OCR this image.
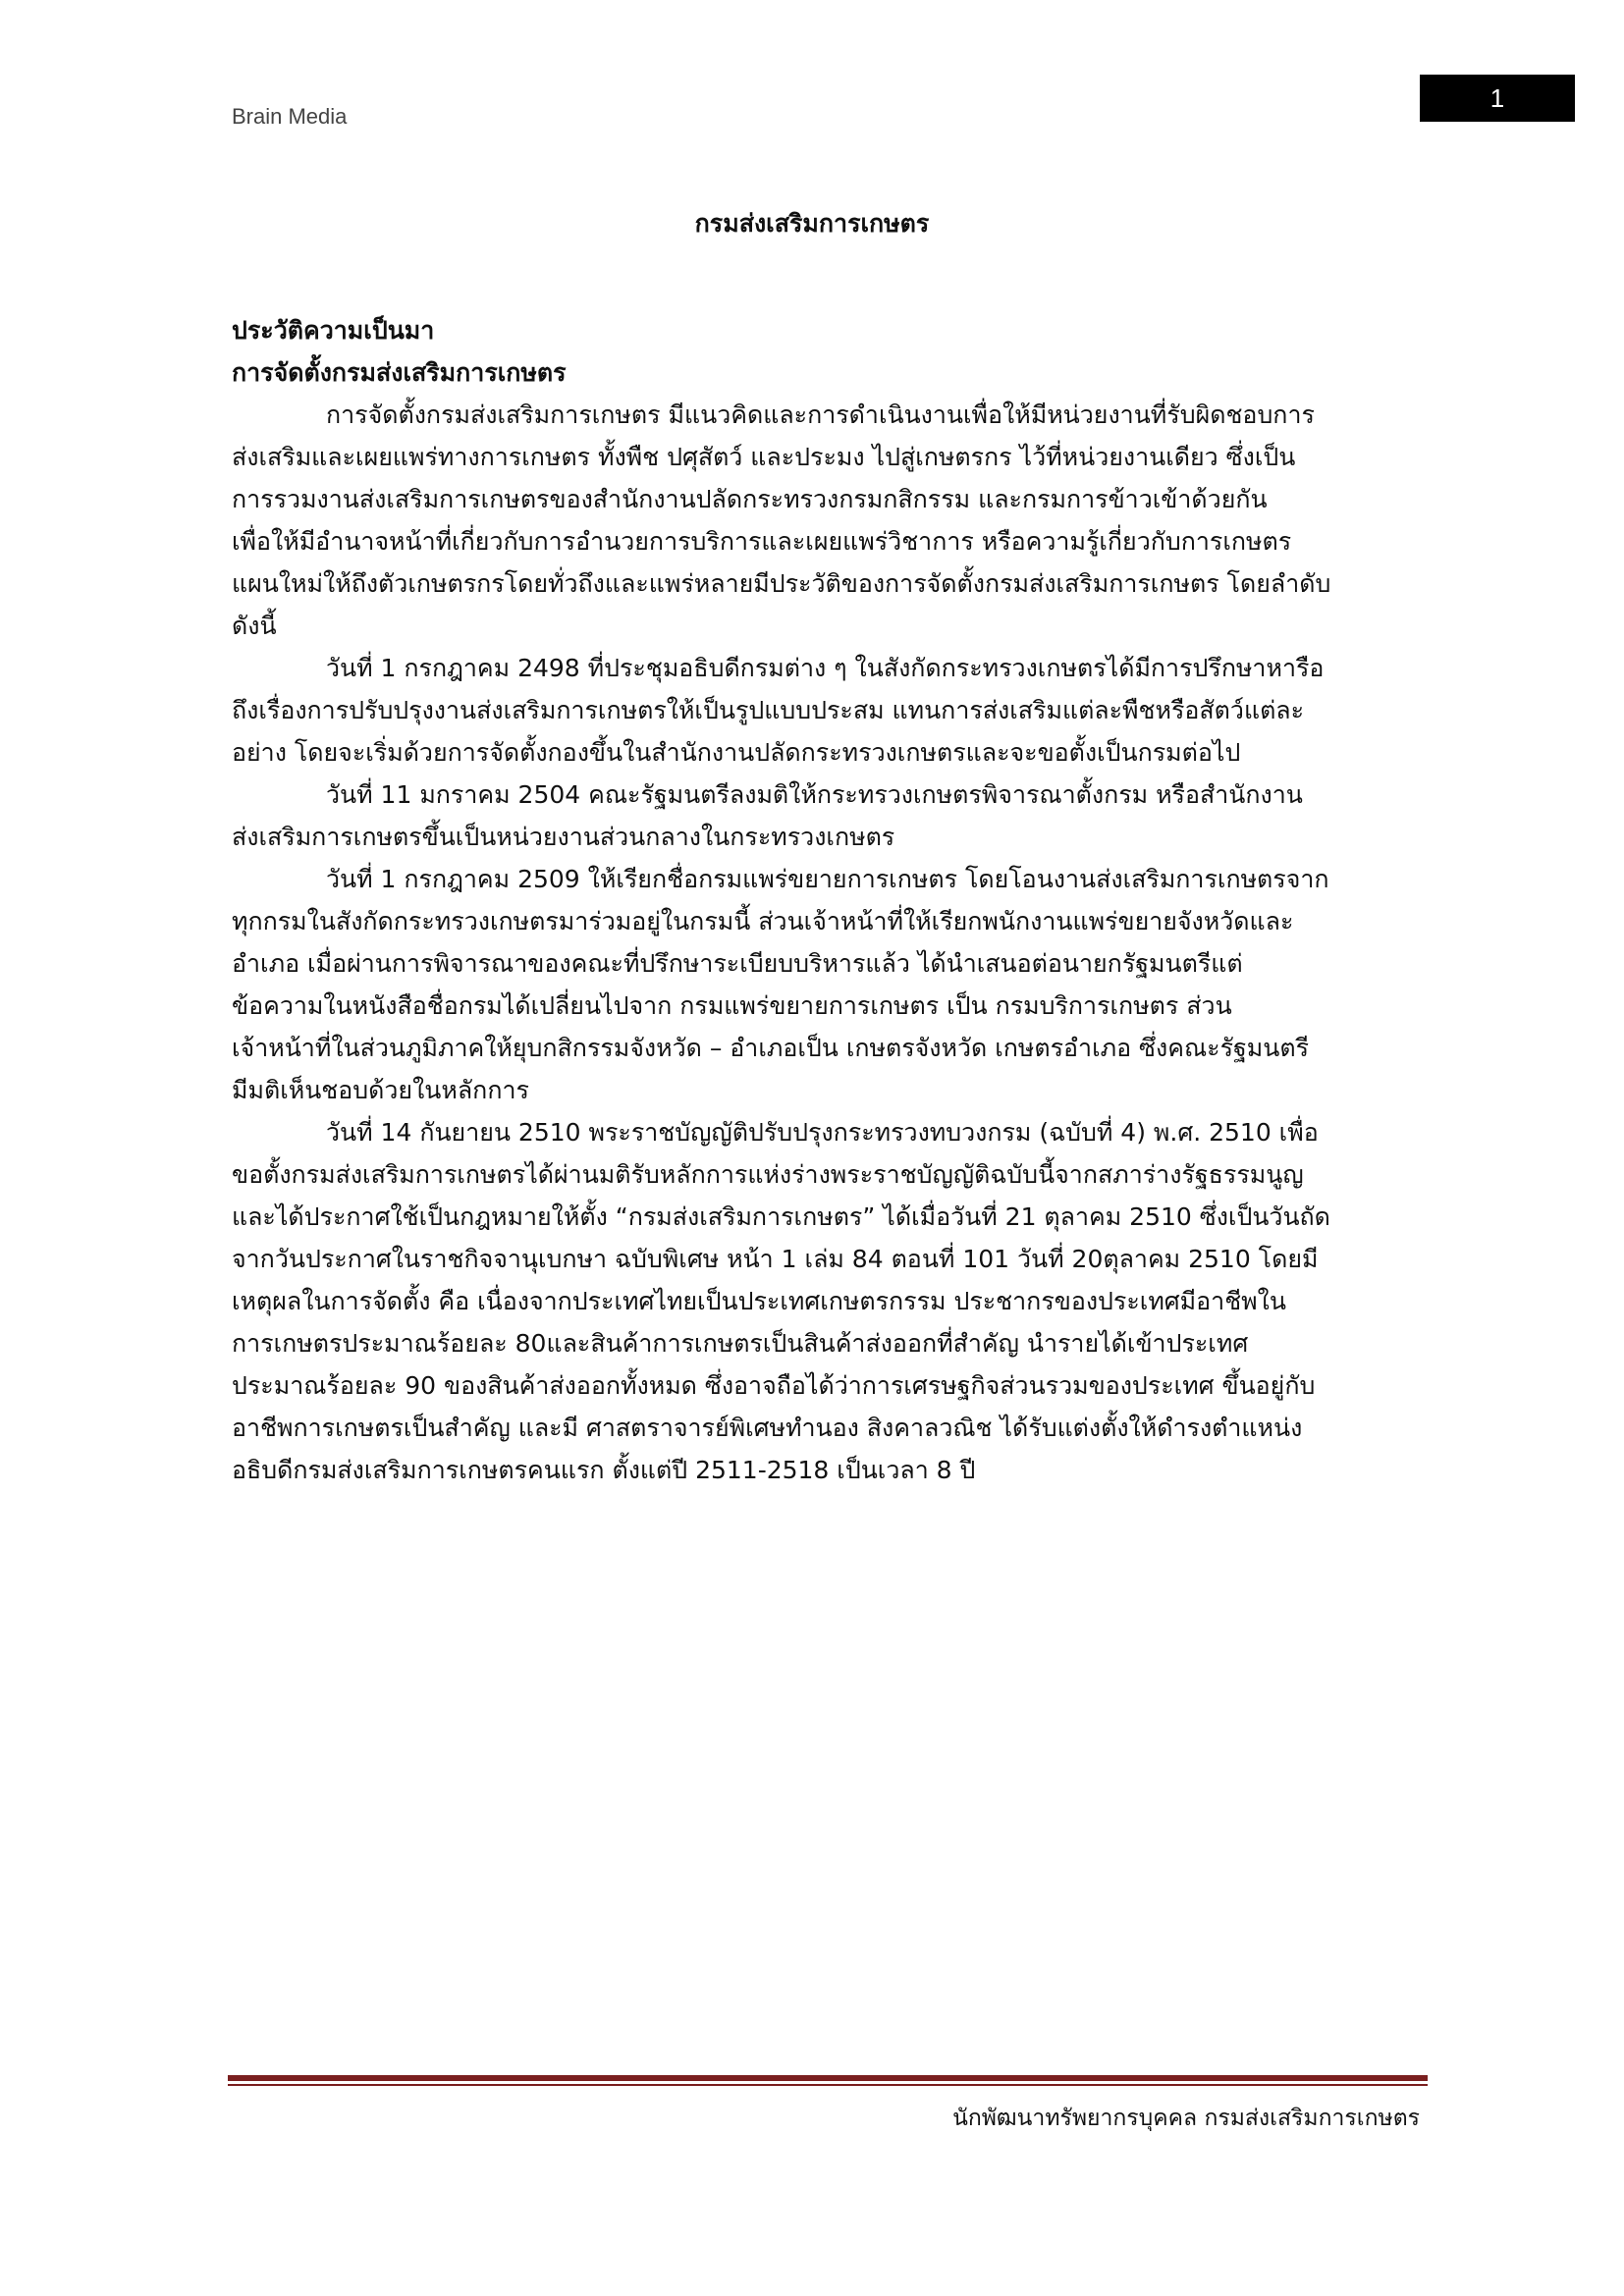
Brain Media
1
กรมส่งเสริมการเกษตร

ประวัติความเป็นมา

การจัดตั้งกรมส่งเสริมการเกษตร

การจัดตั้งกรมส่งเสริมการเกษตร มีแนวคิดและการดำเนินงานเพื่อให้มีหน่วยงานที่รับผิดชอบการ
ส่งเสริมและเผยแพร่ทางการเกษตร ทั้งพืช ปศุสัตว์ และประมง ไปสู่เกษตรกร ไว้ที่หน่วยงานเดียว ซึ่งเป็น
การรวมงานส่งเสริมการเกษตรของสำนักงานปลัดกระทรวงกรมกสิกรรม และกรมการข้าวเข้าด้วยกัน
เพื่อให้มีอำนาจหน้าที่เกี่ยวกับการอำนวยการบริการและเผยแพร่วิชาการ หรือความรู้เกี่ยวกับการเกษตร
แผนใหม่ให้ถึงตัวเกษตรกรโดยทั่วถึงและแพร่หลายมีประวัติของการจัดตั้งกรมส่งเสริมการเกษตร โดยลำดับ
ดังนี้
วันที่ 1 กรกฎาคม 2498 ที่ประชุมอธิบดีกรมต่าง ๆ ในสังกัดกระทรวงเกษตรได้มีการปรึกษาหารือ
ถึงเรื่องการปรับปรุงงานส่งเสริมการเกษตรให้เป็นรูปแบบประสม แทนการส่งเสริมแต่ละพืชหรือสัตว์แต่ละ
อย่าง โดยจะเริ่มด้วยการจัดตั้งกองขึ้นในสำนักงานปลัดกระทรวงเกษตรและจะขอตั้งเป็นกรมต่อไป
วันที่ 11 มกราคม 2504 คณะรัฐมนตรีลงมติให้กระทรวงเกษตรพิจารณาตั้งกรม หรือสำนักงาน
ส่งเสริมการเกษตรขึ้นเป็นหน่วยงานส่วนกลางในกระทรวงเกษตร
วันที่ 1 กรกฎาคม 2509 ให้เรียกชื่อกรมแพร่ขยายการเกษตร โดยโอนงานส่งเสริมการเกษตรจาก
ทุกกรมในสังกัดกระทรวงเกษตรมาร่วมอยู่ในกรมนี้ ส่วนเจ้าหน้าที่ให้เรียกพนักงานแพร่ขยายจังหวัดและ
อำเภอ เมื่อผ่านการพิจารณาของคณะที่ปรึกษาระเบียบบริหารแล้ว ได้นำเสนอต่อนายกรัฐมนตรีแต่
ข้อความในหนังสือชื่อกรมได้เปลี่ยนไปจาก กรมแพร่ขยายการเกษตร เป็น กรมบริการเกษตร ส่วน
เจ้าหน้าที่ในส่วนภูมิภาคให้ยุบกสิกรรมจังหวัด – อำเภอเป็น เกษตรจังหวัด เกษตรอำเภอ ซึ่งคณะรัฐมนตรี
มีมติเห็นชอบด้วยในหลักการ
วันที่ 14 กันยายน 2510 พระราชบัญญัติปรับปรุงกระทรวงทบวงกรม (ฉบับที่ 4) พ.ศ. 2510 เพื่อ
ขอตั้งกรมส่งเสริมการเกษตรได้ผ่านมติรับหลักการแห่งร่างพระราชบัญญัติฉบับนี้จากสภาร่างรัฐธรรมนูญ
และได้ประกาศใช้เป็นกฎหมายให้ตั้ง “กรมส่งเสริมการเกษตร” ได้เมื่อวันที่ 21 ตุลาคม 2510 ซึ่งเป็นวันถัด
จากวันประกาศในราชกิจจานุเบกษา ฉบับพิเศษ หน้า 1 เล่ม 84 ตอนที่ 101 วันที่ 20ตุลาคม 2510 โดยมี
เหตุผลในการจัดตั้ง คือ เนื่องจากประเทศไทยเป็นประเทศเกษตรกรรม ประชากรของประเทศมีอาชีพใน
การเกษตรประมาณร้อยละ 80และสินค้าการเกษตรเป็นสินค้าส่งออกที่สำคัญ นำรายได้เข้าประเทศ
ประมาณร้อยละ 90 ของสินค้าส่งออกทั้งหมด ซึ่งอาจถือได้ว่าการเศรษฐกิจส่วนรวมของประเทศ ขึ้นอยู่กับ
อาชีพการเกษตรเป็นสำคัญ และมี ศาสตราจารย์พิเศษทำนอง สิงคาลวณิช ได้รับแต่งตั้งให้ดำรงตำแหน่ง
อธิบดีกรมส่งเสริมการเกษตรคนแรก ตั้งแต่ปี 2511-2518 เป็นเวลา 8 ปี
นักพัฒนาทรัพยากรบุคคล กรมส่งเสริมการเกษตร
